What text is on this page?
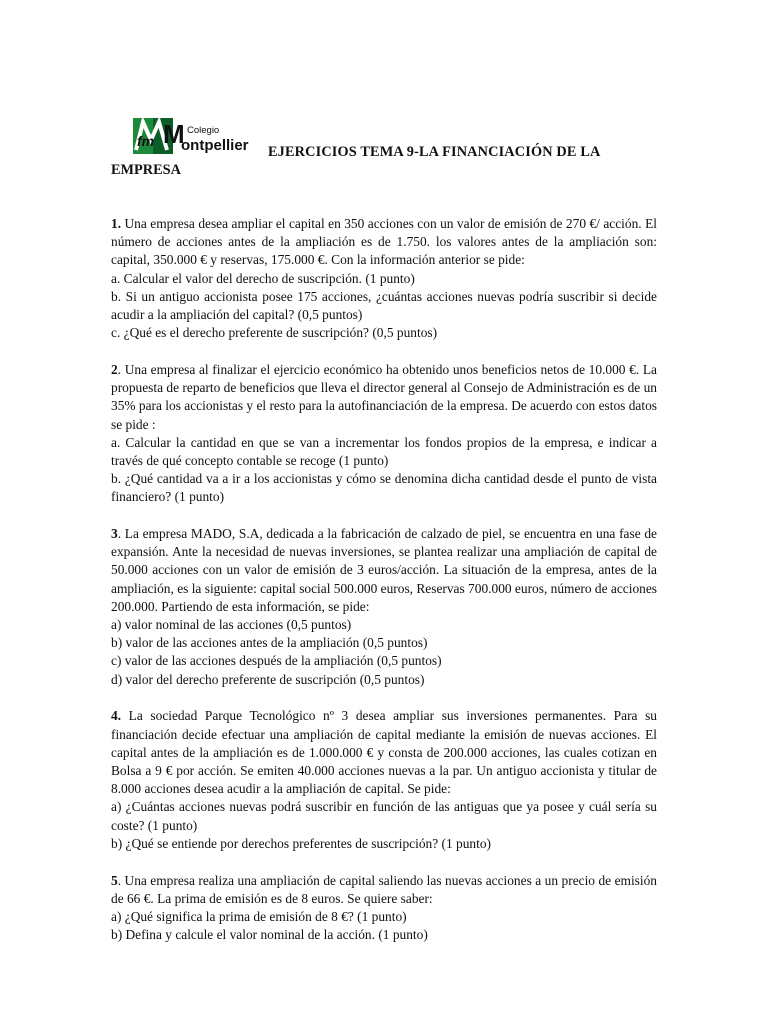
fm M Colegio
ontpellier EJERCICIOS TEMA 9-LA FINANCIACIÓN DE LA
EMPRESA

1. Una empresa desea ampliar el capital en 350 acciones con un valor de emisión de 270 €/ acción. El número de acciones antes de la ampliación es de 1.750. los valores antes de la ampliación son: capital, 350.000 € y reservas, 175.000 €. Con la información anterior se pide:

a. Calcular el valor del derecho de suscripción. (1 punto)

b. Si un antiguo accionista posee 175 acciones, ¿cuántas acciones nuevas podría suscribir si decide acudir a la ampliación del capital? (0,5 puntos)

c. ¿Qué es el derecho preferente de suscripción? (0,5 puntos)

2. Una empresa al finalizar el ejercicio económico ha obtenido unos beneficios netos de 10.000 €. La propuesta de reparto de beneficios que lleva el director general al Consejo de Administración es de un 35% para los accionistas y el resto para la autofinanciación de la empresa. De acuerdo con estos datos se pide :

a. Calcular la cantidad en que se van a incrementar los fondos propios de la empresa, e indicar a través de qué concepto contable se recoge (1 punto)

b. ¿Qué cantidad va a ir a los accionistas y cómo se denomina dicha cantidad desde el punto de vista financiero? (1 punto)

3. La empresa MADO, S.A, dedicada a la fabricación de calzado de piel, se encuentra en una fase de expansión. Ante la necesidad de nuevas inversiones, se plantea realizar una ampliación de capital de 50.000 acciones con un valor de emisión de 3 euros/acción. La situación de la empresa, antes de la ampliación, es la siguiente: capital social 500.000 euros, Reservas 700.000 euros, número de acciones 200.000. Partiendo de esta información, se pide:

a) valor nominal de las acciones (0,5 puntos)

b) valor de las acciones antes de la ampliación (0,5 puntos)

c) valor de las acciones después de la ampliación (0,5 puntos)

d) valor del derecho preferente de suscripción (0,5 puntos)

4. La sociedad Parque Tecnológico nº 3 desea ampliar sus inversiones permanentes. Para su financiación decide efectuar una ampliación de capital mediante la emisión de nuevas acciones. El capital antes de la ampliación es de 1.000.000 € y consta de 200.000 acciones, las cuales cotizan en Bolsa a 9 € por acción. Se emiten 40.000 acciones nuevas a la par. Un antiguo accionista y titular de 8.000 acciones desea acudir a la ampliación de capital. Se pide:

a) ¿Cuántas acciones nuevas podrá suscribir en función de las antiguas que ya posee y cuál sería su coste? (1 punto)

b) ¿Qué se entiende por derechos preferentes de suscripción? (1 punto)

5. Una empresa realiza una ampliación de capital saliendo las nuevas acciones a un precio de emisión de 66 €. La prima de emisión es de 8 euros. Se quiere saber:

a) ¿Qué significa la prima de emisión de 8 €? (1 punto)

b) Defina y calcule el valor nominal de la acción. (1 punto)
